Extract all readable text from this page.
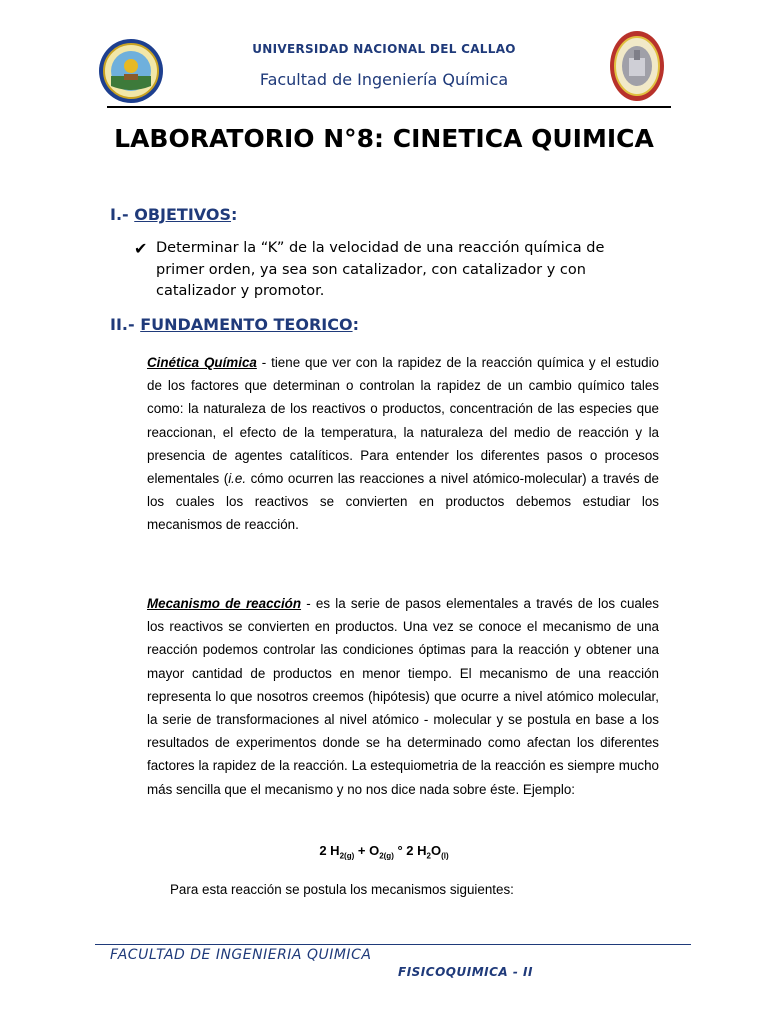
UNIVERSIDAD NACIONAL DEL CALLAO
Facultad de Ingeniería Química
LABORATORIO N°8: CINETICA QUIMICA
I.- OBJETIVOS:
✔ Determinar la “K” de la velocidad de una reacción química de primer orden, ya sea son catalizador, con catalizador y con catalizador y promotor.
II.- FUNDAMENTO TEORICO:
Cinética Química - tiene que ver con la rapidez de la reacción química y el estudio de los factores que determinan o controlan la rapidez de un cambio químico tales como: la naturaleza de los reactivos o productos, concentración de las especies que reaccionan, el efecto de la temperatura, la naturaleza del medio de reacción y la presencia de agentes catalíticos. Para entender los diferentes pasos o procesos elementales (i.e. cómo ocurren las reacciones a nivel atómico-molecular) a través de los cuales los reactivos se convierten en productos debemos estudiar los mecanismos de reacción.
Mecanismo de reacción - es la serie de pasos elementales a través de los cuales los reactivos se convierten en productos. Una vez se conoce el mecanismo de una reacción podemos controlar las condiciones óptimas para la reacción y obtener una mayor cantidad de productos en menor tiempo. El mecanismo de una reacción representa lo que nosotros creemos (hipótesis) que ocurre a nivel atómico molecular, la serie de transformaciones al nivel atómico - molecular y se postula en base a los resultados de experimentos donde se ha determinado como afectan los diferentes factores la rapidez de la reacción. La estequiometria de la reacción es siempre mucho más sencilla que el mecanismo y no nos dice nada sobre éste. Ejemplo:
2 $H_{2(g)} + O_{2(g)}$ ° 2 $H_2O_{(l)}$
Para esta reacción se postula los mecanismos siguientes:
FACULTAD DE INGENIERIA QUIMICA
FISICOQUIMICA - II
